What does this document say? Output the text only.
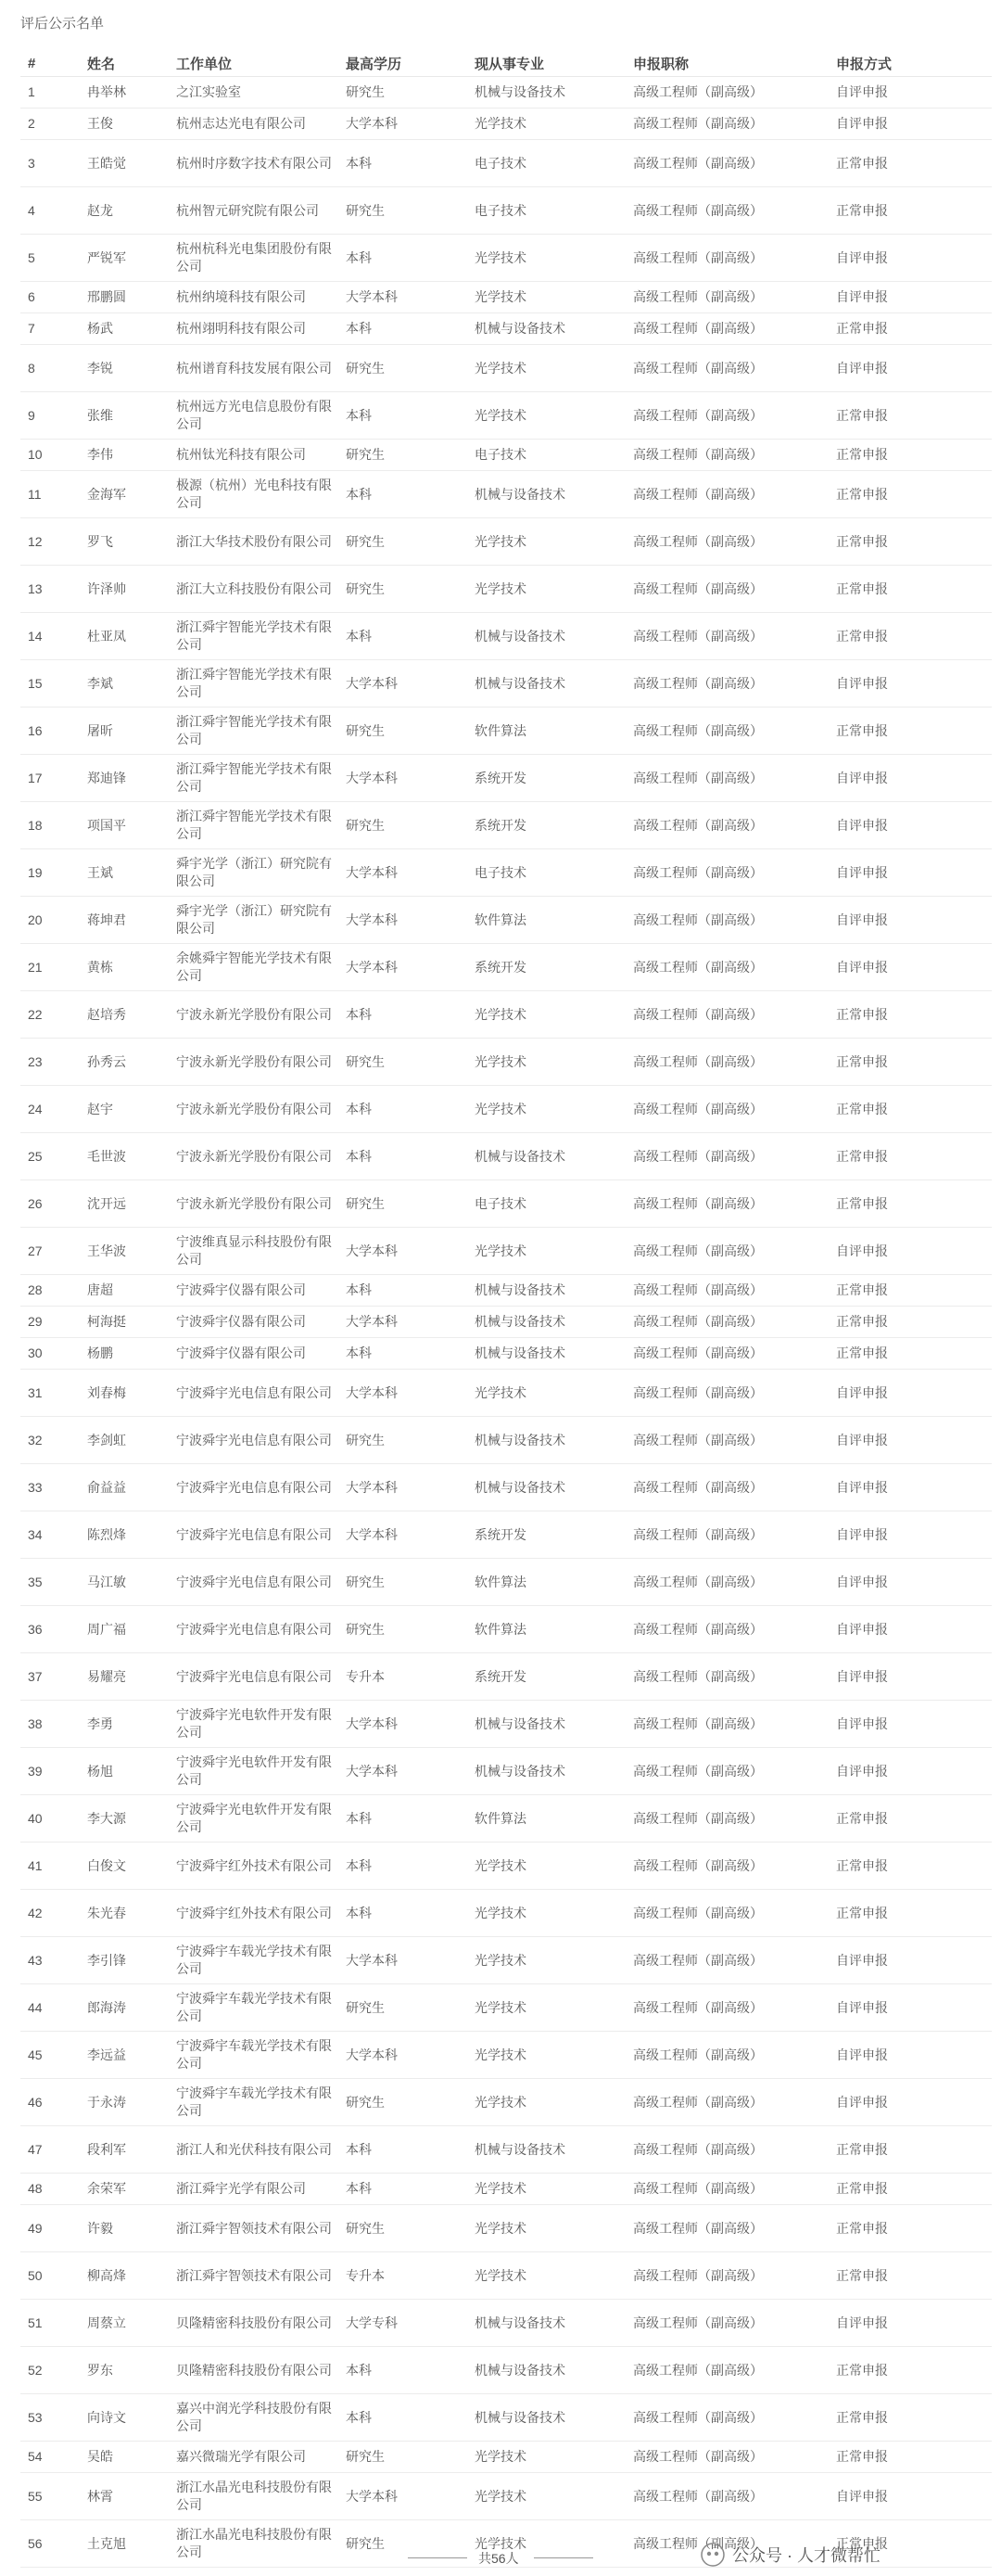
评后公示名单
#	姓名	工作单位	最高学历	现从事专业	申报职称	申报方式
1	冉举林	之江实验室	研究生	机械与设备技术	高级工程师（副高级）	自评申报
2	王俊	杭州志达光电有限公司	大学本科	光学技术	高级工程师（副高级）	自评申报
3	王皓觉	杭州时序数字技术有限公司	本科	电子技术	高级工程师（副高级）	正常申报
4	赵龙	杭州智元研究院有限公司	研究生	电子技术	高级工程师（副高级）	正常申报
5	严锐军	杭州杭科光电集团股份有限公司	本科	光学技术	高级工程师（副高级）	自评申报
6	邢鹏圆	杭州纳境科技有限公司	大学本科	光学技术	高级工程师（副高级）	自评申报
7	杨武	杭州翊明科技有限公司	本科	机械与设备技术	高级工程师（副高级）	正常申报
8	李锐	杭州谱育科技发展有限公司	研究生	光学技术	高级工程师（副高级）	自评申报
9	张维	杭州远方光电信息股份有限公司	本科	光学技术	高级工程师（副高级）	正常申报
10	李伟	杭州钛光科技有限公司	研究生	电子技术	高级工程师（副高级）	正常申报
11	金海军	极源（杭州）光电科技有限公司	本科	机械与设备技术	高级工程师（副高级）	正常申报
12	罗飞	浙江大华技术股份有限公司	研究生	光学技术	高级工程师（副高级）	正常申报
13	许泽帅	浙江大立科技股份有限公司	研究生	光学技术	高级工程师（副高级）	正常申报
14	杜亚凤	浙江舜宇智能光学技术有限公司	本科	机械与设备技术	高级工程师（副高级）	正常申报
15	李斌	浙江舜宇智能光学技术有限公司	大学本科	机械与设备技术	高级工程师（副高级）	自评申报
16	屠昕	浙江舜宇智能光学技术有限公司	研究生	软件算法	高级工程师（副高级）	正常申报
17	郑迪锋	浙江舜宇智能光学技术有限公司	大学本科	系统开发	高级工程师（副高级）	自评申报
18	项国平	浙江舜宇智能光学技术有限公司	研究生	系统开发	高级工程师（副高级）	自评申报
19	王斌	舜宇光学（浙江）研究院有限公司	大学本科	电子技术	高级工程师（副高级）	自评申报
20	蒋坤君	舜宇光学（浙江）研究院有限公司	大学本科	软件算法	高级工程师（副高级）	自评申报
21	黄栋	余姚舜宇智能光学技术有限公司	大学本科	系统开发	高级工程师（副高级）	自评申报
22	赵培秀	宁波永新光学股份有限公司	本科	光学技术	高级工程师（副高级）	正常申报
23	孙秀云	宁波永新光学股份有限公司	研究生	光学技术	高级工程师（副高级）	正常申报
24	赵宇	宁波永新光学股份有限公司	本科	光学技术	高级工程师（副高级）	正常申报
25	毛世波	宁波永新光学股份有限公司	本科	机械与设备技术	高级工程师（副高级）	正常申报
26	沈开远	宁波永新光学股份有限公司	研究生	电子技术	高级工程师（副高级）	正常申报
27	王华波	宁波维真显示科技股份有限公司	大学本科	光学技术	高级工程师（副高级）	自评申报
28	唐超	宁波舜宇仪器有限公司	本科	机械与设备技术	高级工程师（副高级）	正常申报
29	柯海挺	宁波舜宇仪器有限公司	大学本科	机械与设备技术	高级工程师（副高级）	正常申报
30	杨鹏	宁波舜宇仪器有限公司	本科	机械与设备技术	高级工程师（副高级）	正常申报
31	刘春梅	宁波舜宇光电信息有限公司	大学本科	光学技术	高级工程师（副高级）	自评申报
32	李剑虹	宁波舜宇光电信息有限公司	研究生	机械与设备技术	高级工程师（副高级）	自评申报
33	俞益益	宁波舜宇光电信息有限公司	大学本科	机械与设备技术	高级工程师（副高级）	自评申报
34	陈烈烽	宁波舜宇光电信息有限公司	大学本科	系统开发	高级工程师（副高级）	自评申报
35	马江敏	宁波舜宇光电信息有限公司	研究生	软件算法	高级工程师（副高级）	自评申报
36	周广福	宁波舜宇光电信息有限公司	研究生	软件算法	高级工程师（副高级）	自评申报
37	易耀亮	宁波舜宇光电信息有限公司	专升本	系统开发	高级工程师（副高级）	自评申报
38	李勇	宁波舜宇光电软件开发有限公司	大学本科	机械与设备技术	高级工程师（副高级）	自评申报
39	杨旭	宁波舜宇光电软件开发有限公司	大学本科	机械与设备技术	高级工程师（副高级）	自评申报
40	李大源	宁波舜宇光电软件开发有限公司	本科	软件算法	高级工程师（副高级）	正常申报
41	白俊文	宁波舜宇红外技术有限公司	本科	光学技术	高级工程师（副高级）	正常申报
42	朱光春	宁波舜宇红外技术有限公司	本科	光学技术	高级工程师（副高级）	正常申报
43	李引锋	宁波舜宇车载光学技术有限公司	大学本科	光学技术	高级工程师（副高级）	自评申报
44	郎海涛	宁波舜宇车载光学技术有限公司	研究生	光学技术	高级工程师（副高级）	自评申报
45	李远益	宁波舜宇车载光学技术有限公司	大学本科	光学技术	高级工程师（副高级）	自评申报
46	于永涛	宁波舜宇车载光学技术有限公司	研究生	光学技术	高级工程师（副高级）	自评申报
47	段利军	浙江人和光伏科技有限公司	本科	机械与设备技术	高级工程师（副高级）	正常申报
48	余荣军	浙江舜宇光学有限公司	本科	光学技术	高级工程师（副高级）	正常申报
49	许毅	浙江舜宇智领技术有限公司	研究生	光学技术	高级工程师（副高级）	正常申报
50	柳高烽	浙江舜宇智领技术有限公司	专升本	光学技术	高级工程师（副高级）	正常申报
51	周蔡立	贝隆精密科技股份有限公司	大学专科	机械与设备技术	高级工程师（副高级）	自评申报
52	罗东	贝隆精密科技股份有限公司	本科	机械与设备技术	高级工程师（副高级）	正常申报
53	向诗文	嘉兴中润光学科技股份有限公司	本科	机械与设备技术	高级工程师（副高级）	正常申报
54	吴皓	嘉兴微瑞光学有限公司	研究生	光学技术	高级工程师（副高级）	正常申报
55	林霄	浙江水晶光电科技股份有限公司	大学本科	光学技术	高级工程师（副高级）	自评申报
56	土克旭	浙江水晶光电科技股份有限公司	研究生	光学技术	高级工程师（副高级）	正常申报
共56人	公众号 · 人才微帮忙
